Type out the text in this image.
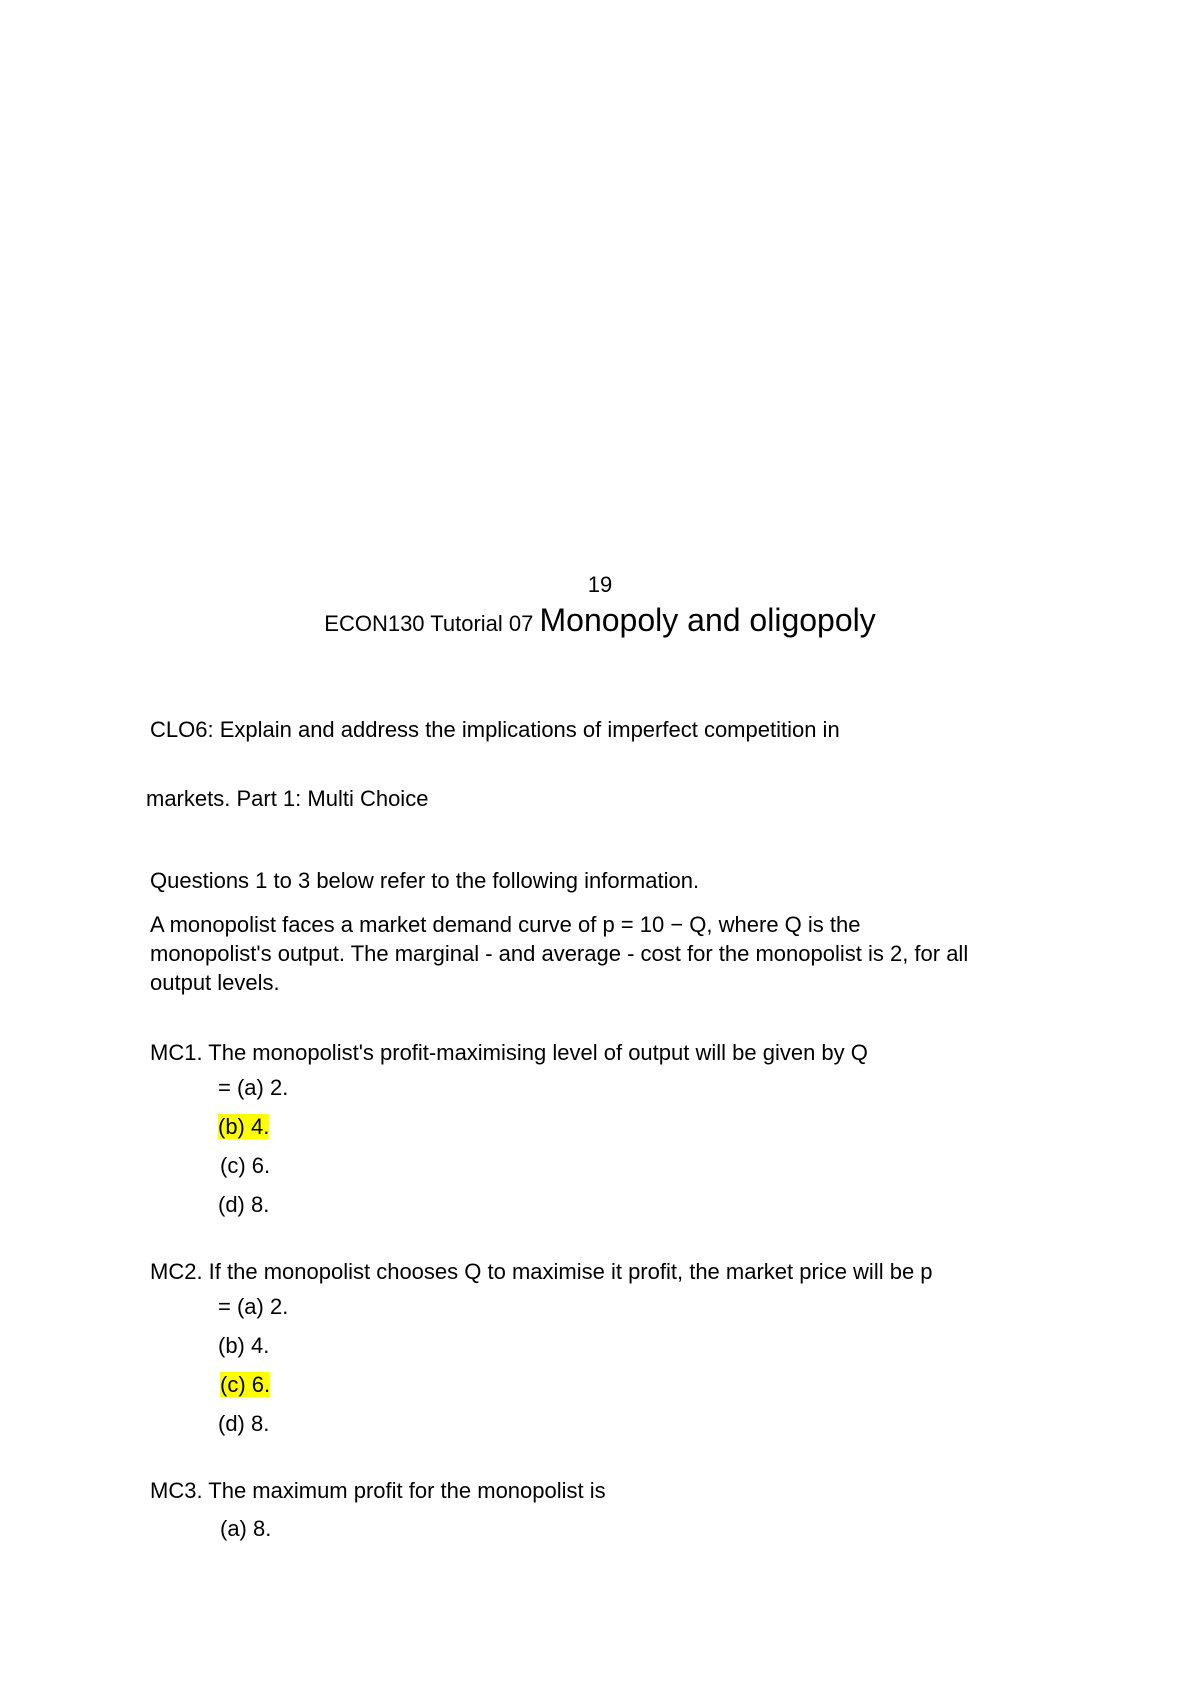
19

ECON130 Tutorial 07 Monopoly and oligopoly

CLO6: Explain and address the implications of imperfect competition in

markets. Part 1: Multi Choice

Questions 1 to 3 below refer to the following information.

A monopolist faces a market demand curve of p = 10 − Q, where Q is the
monopolist's output. The marginal - and average - cost for the monopolist is 2, for all
output levels.

MC1. The monopolist's profit-maximising level of output will be given by Q

= (a) 2.

(b) 4.

(c) 6.

(d) 8.

MC2. If the monopolist chooses Q to maximise it profit, the market price will be p

= (a) 2.

(b) 4.

(c) 6.

(d) 8.

MC3. The maximum profit for the monopolist is

(a) 8.
